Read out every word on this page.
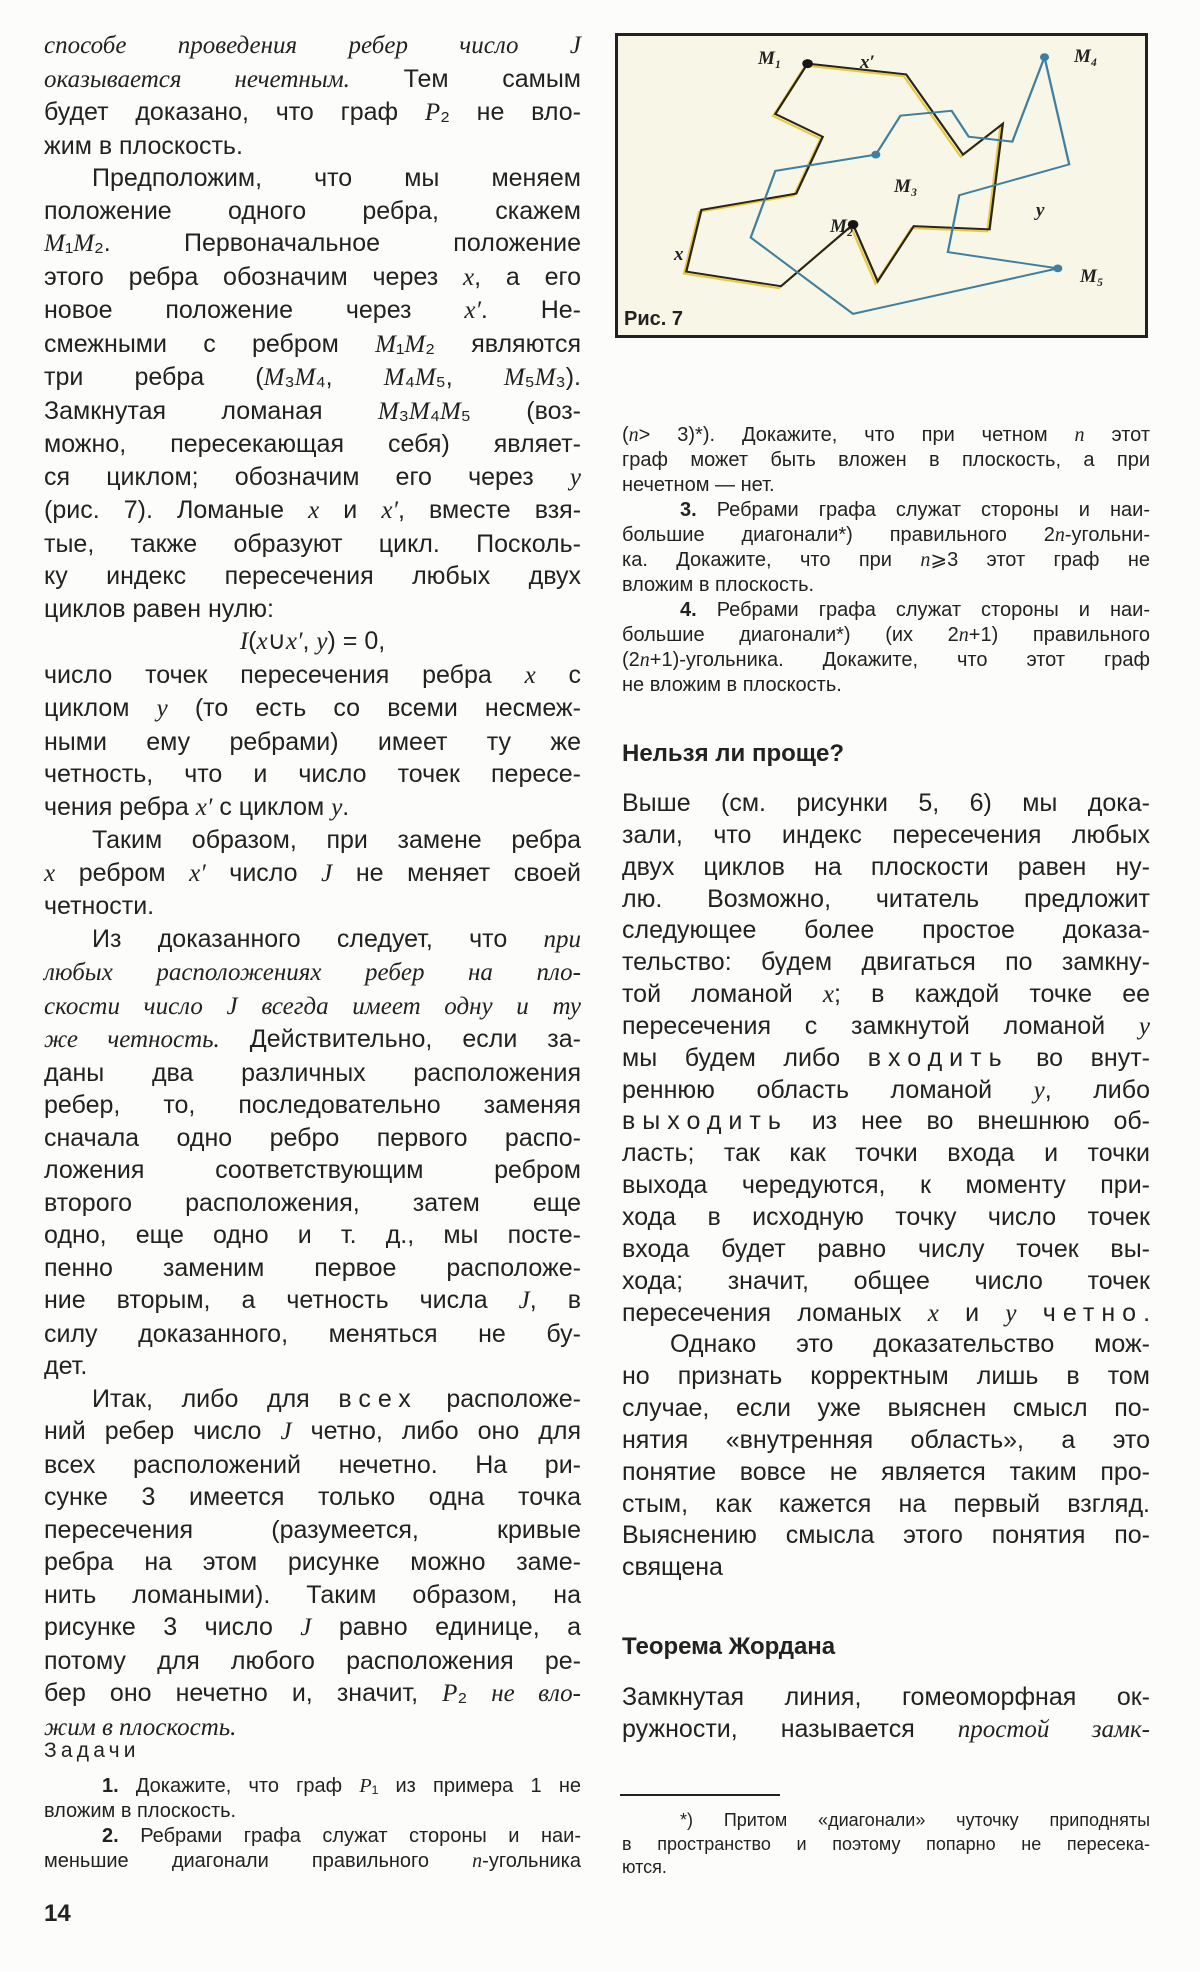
M₁	x′	M₄
M₃
M₂
y
x
M₅
Рис. 7
способе проведения ребер число J
оказывается нечетным. Тем самым
будет доказано, что граф P₂ не вло-
жим в плоскость.
Предположим, что мы меняем
положение одного ребра, скажем
M₁M₂. Первоначальное положение
этого ребра обозначим через x, а его
новое положение через x′. Не-
смежными с ребром M₁M₂ являются
три ребра (M₃M₄, M₄M₅, M₅M₃).
Замкнутая ломаная M₃M₄M₅ (воз-
можно, пересекающая себя) являет-
ся циклом; обозначим его через y
(рис. 7). Ломаные x и x′, вместе взя-
тые, также образуют цикл. Посколь-
ку индекс пересечения любых двух
циклов равен нулю:
I(x∪x′, y) = 0,
число точек пересечения ребра x с
циклом y (то есть со всеми несмеж-
ными ему ребрами) имеет ту же
четность, что и число точек пересе-
чения ребра x′ с циклом y.
Таким образом, при замене ребра
x ребром x′ число J не меняет своей
четности.
Из доказанного следует, что при
любых расположениях ребер на пло-
скости число J всегда имеет одну и ту
же четность. Действительно, если за-
даны два различных расположения
ребер, то, последовательно заменяя
сначала одно ребро первого распо-
ложения соответствующим ребром
второго расположения, затем еще
одно, еще одно и т. д., мы посте-
пенно заменим первое расположе-
ние вторым, а четность числа J, в
силу доказанного, меняться не бу-
дет.
Итак, либо для всех расположе-
ний ребер число J четно, либо оно для
всех расположений нечетно. На ри-
сунке 3 имеется только одна точка
пересечения (разумеется, кривые
ребра на этом рисунке можно заме-
нить ломаными). Таким образом, на
рисунке 3 число J равно единице, а
потому для любого расположения ре-
бер оно нечетно и, значит, P₂ не вло-
жим в плоскость.
Задачи
1. Докажите, что граф P₁ из примера 1 не
вложим в плоскость.
2. Ребрами графа служат стороны и наи-
меньшие диагонали правильного n-угольника
(n> 3)*). Докажите, что при четном n этот
граф может быть вложен в плоскость, а при
нечетном — нет.
3. Ребрами графа служат стороны и наи-
большие диагонали*) правильного 2n-угольни-
ка. Докажите, что при n⩾3 этот граф не
вложим в плоскость.
4. Ребрами графа служат стороны и наи-
большие диагонали*) (их 2n+1) правильного
(2n+1)-угольника. Докажите, что этот граф
не вложим в плоскость.
Нельзя ли проще?
Выше (см. рисунки 5, 6) мы дока-
зали, что индекс пересечения любых
двух циклов на плоскости равен ну-
лю. Возможно, читатель предложит
следующее более простое доказа-
тельство: будем двигаться по замкну-
той ломаной x; в каждой точке ее
пересечения с замкнутой ломаной y
мы будем либо входить во внут-
реннюю область ломаной y, либо
выходить из нее во внешнюю об-
ласть; так как точки входа и точки
выхода чередуются, к моменту при-
хода в исходную точку число точек
входа будет равно числу точек вы-
хода; значит, общее число точек
пересечения ломаных x и y четно.
Однако это доказательство мож-
но признать корректным лишь в том
случае, если уже выяснен смысл по-
нятия «внутренняя область», а это
понятие вовсе не является таким про-
стым, как кажется на первый взгляд.
Выяснению смысла этого понятия по-
священа
Теорема Жордана
Замкнутая линия, гомеоморфная ок-
ружности, называется простой замк-
*) Притом «диагонали» чуточку приподняты
в пространство и поэтому попарно не пересека-
ются.
14
